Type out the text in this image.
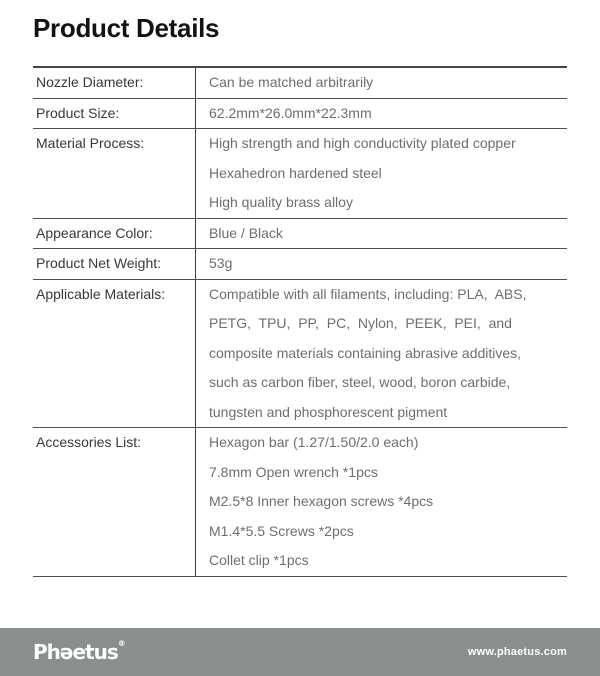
Product Details
Nozzle Diameter:	Can be matched arbitrarily
Product Size:	62.2mm*26.0mm*22.3mm
Material Process:	High strength and high conductivity plated copper
Hexahedron hardened steel
High quality brass alloy
Appearance Color:	Blue / Black
Product Net Weight:	53g
Applicable Materials:	Compatible with all filaments, including: PLA,  ABS,
PETG,  TPU,  PP,  PC,  Nylon,  PEEK,  PEI,  and
composite materials containing abrasive additives,
such as carbon fiber, steel, wood, boron carbide,
tungsten and phosphorescent pigment
Accessories List:	Hexagon bar (1.27/1.50/2.0 each)
7.8mm Open wrench *1pcs
M2.5*8 Inner hexagon screws *4pcs
M1.4*5.5 Screws *2pcs
Collet clip *1pcs
Phəetus®
www.phaetus.com
